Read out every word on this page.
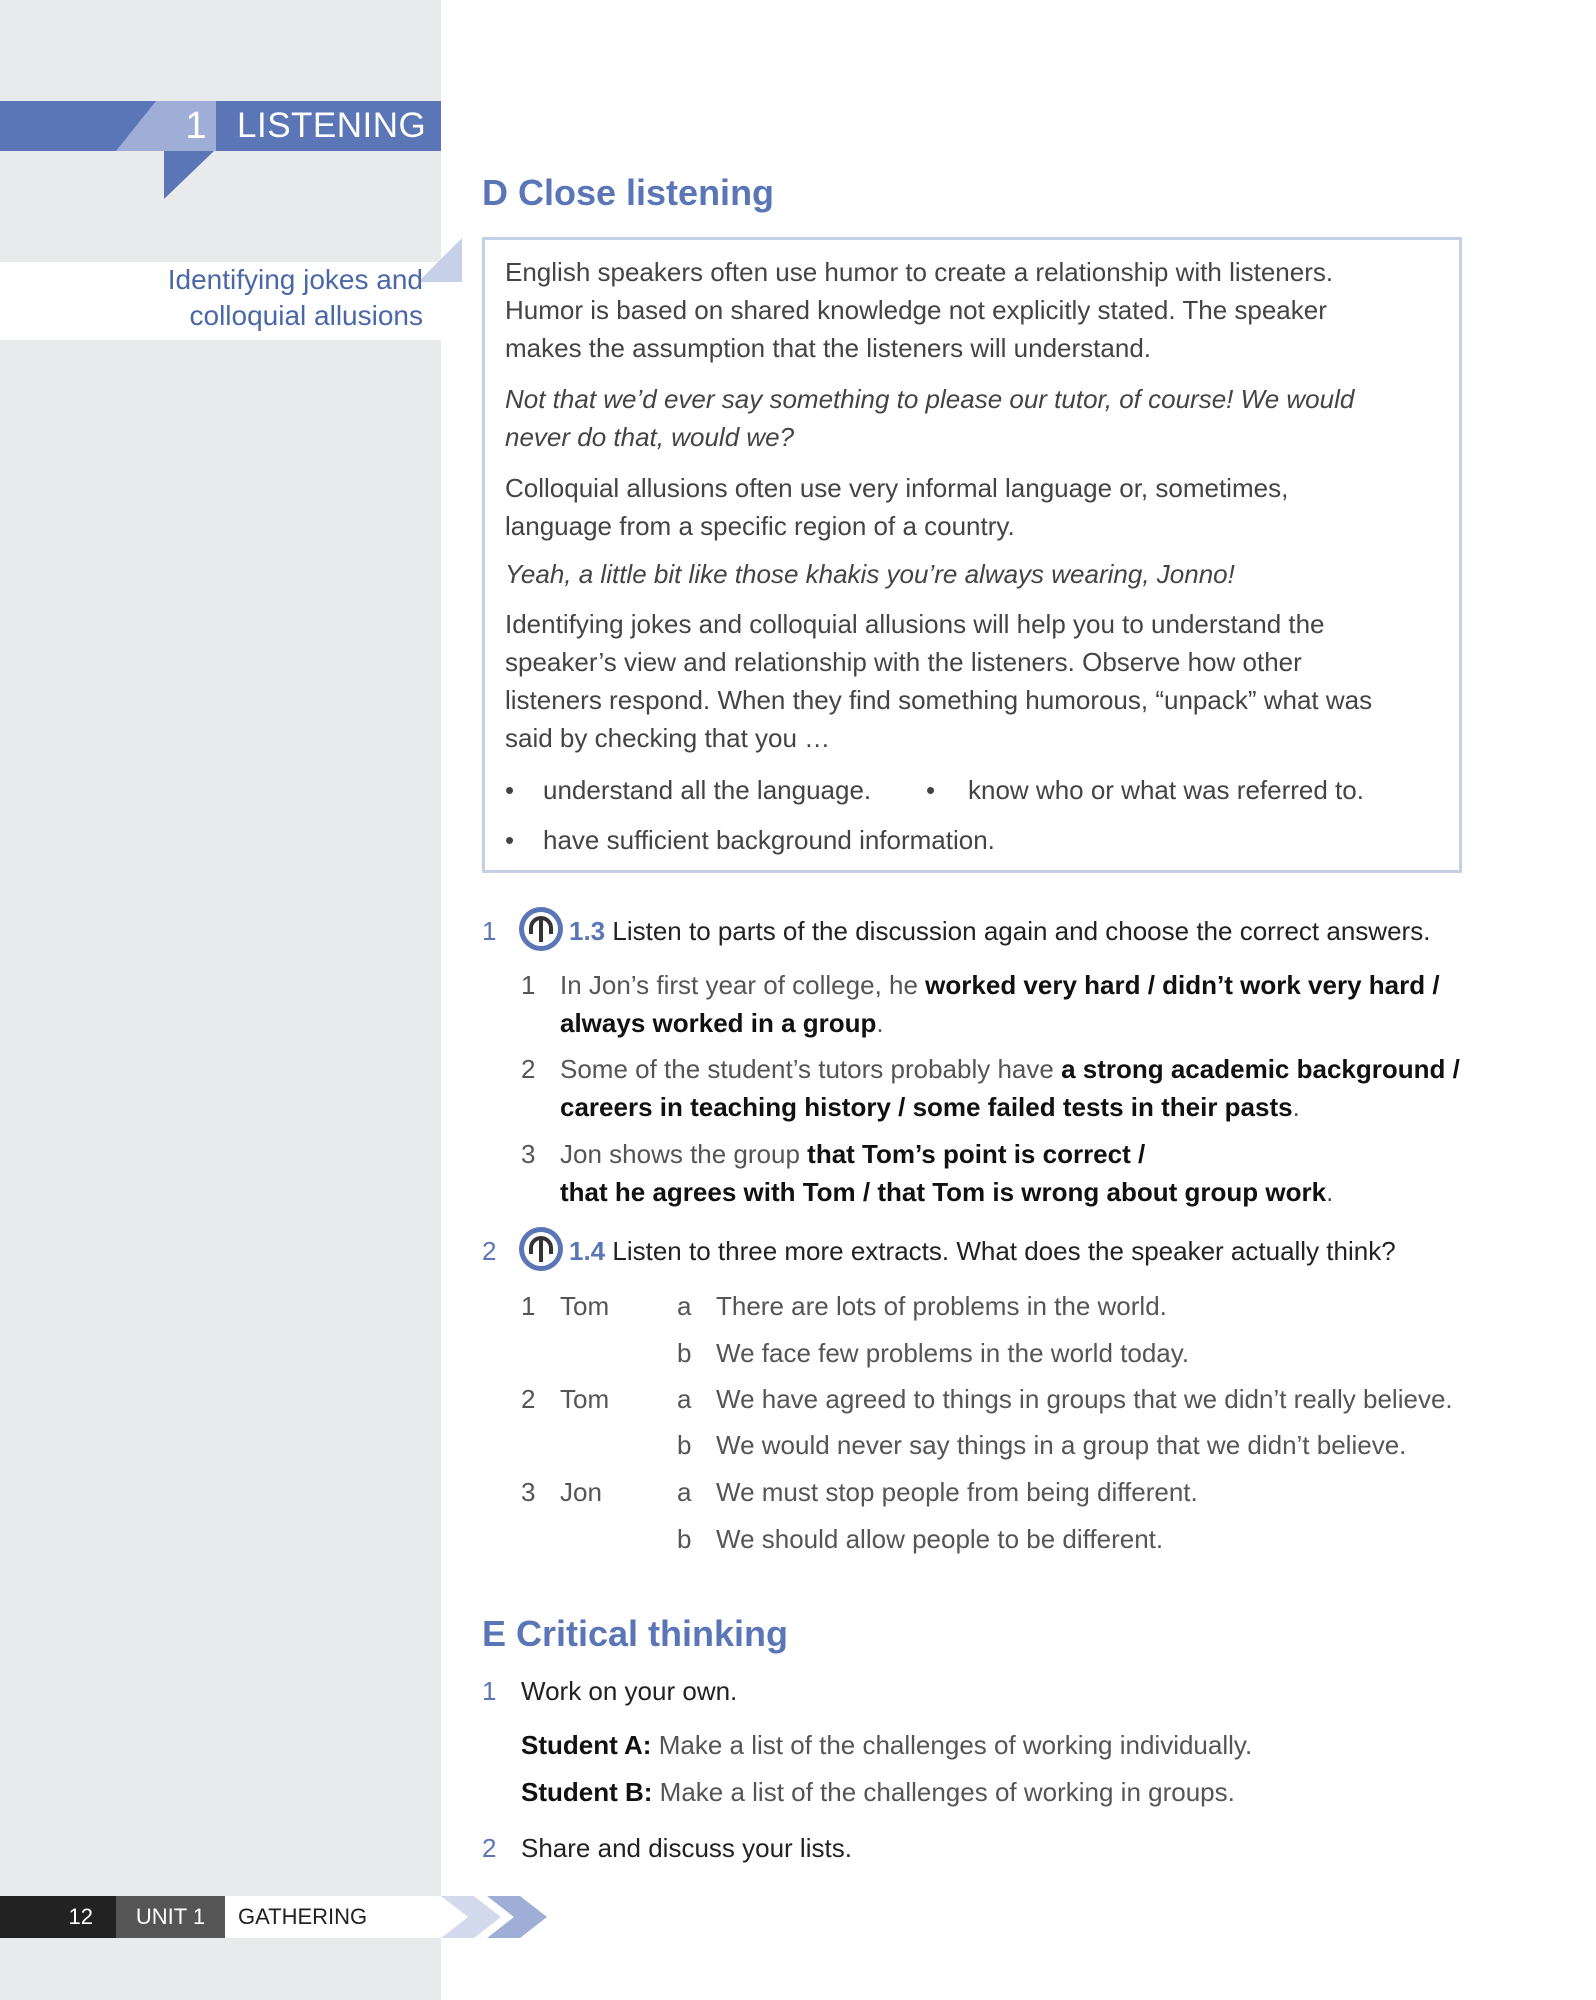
1 LISTENING
Identifying jokes and
colloquial allusions
D Close listening
English speakers often use humor to create a relationship with listeners.
Humor is based on shared knowledge not explicitly stated. The speaker
makes the assumption that the listeners will understand.
Not that we’d ever say something to please our tutor, of course! We would
never do that, would we?
Colloquial allusions often use very informal language or, sometimes,
language from a specific region of a country.
Yeah, a little bit like those khakis you’re always wearing, Jonno!
Identifying jokes and colloquial allusions will help you to understand the
speaker’s view and relationship with the listeners. Observe how other
listeners respond. When they find something humorous, “unpack” what was
said by checking that you …
• understand all the language. • know who or what was referred to.
• have sufficient background information.
1	1.3 Listen to parts of the discussion again and choose the correct answers.
1 In Jon’s first year of college, he worked very hard / didn’t work very hard /
always worked in a group.
2 Some of the student’s tutors probably have a strong academic background /
careers in teaching history / some failed tests in their pasts.
3 Jon shows the group that Tom’s point is correct /
that he agrees with Tom / that Tom is wrong about group work.
2	1.4 Listen to three more extracts. What does the speaker actually think?
1 Tom	a There are lots of problems in the world.
b We face few problems in the world today.
2 Tom	a We have agreed to things in groups that we didn’t really believe.
b We would never say things in a group that we didn’t believe.
3 Jon	a We must stop people from being different.
b We should allow people to be different.
E Critical thinking
1 Work on your own.
Student A: Make a list of the challenges of working individually.
Student B: Make a list of the challenges of working in groups.
2 Share and discuss your lists.
12	UNIT 1	GATHERING
